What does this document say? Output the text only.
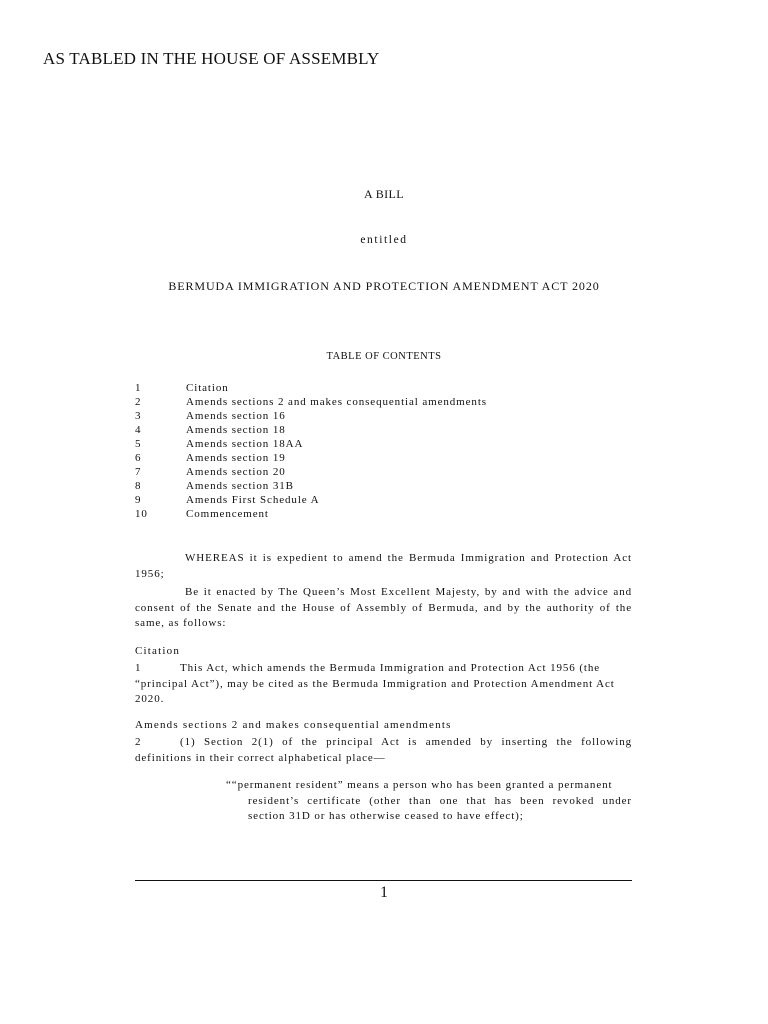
AS TABLED IN THE HOUSE OF ASSEMBLY
A BILL
entitled
BERMUDA IMMIGRATION AND PROTECTION AMENDMENT ACT 2020
TABLE OF CONTENTS
1	Citation
2	Amends sections 2 and makes consequential amendments
3	Amends section 16
4	Amends section 18
5	Amends section 18AA
6	Amends section 19
7	Amends section 20
8	Amends section 31B
9	Amends First Schedule A
10	Commencement
WHEREAS it is expedient to amend the Bermuda Immigration and Protection Act 1956;
Be it enacted by The Queen’s Most Excellent Majesty, by and with the advice and consent of the Senate and the House of Assembly of Bermuda, and by the authority of the same, as follows:
Citation
1	This Act, which amends the Bermuda Immigration and Protection Act 1956 (the “principal Act”), may be cited as the Bermuda Immigration and Protection Amendment Act 2020.
Amends sections 2 and makes consequential amendments
2	(1) Section 2(1) of the principal Act is amended by inserting the following definitions in their correct alphabetical place—
““permanent resident” means a person who has been granted a permanent
resident’s certificate (other than one that has been revoked under section 31D or has otherwise ceased to have effect);
1
